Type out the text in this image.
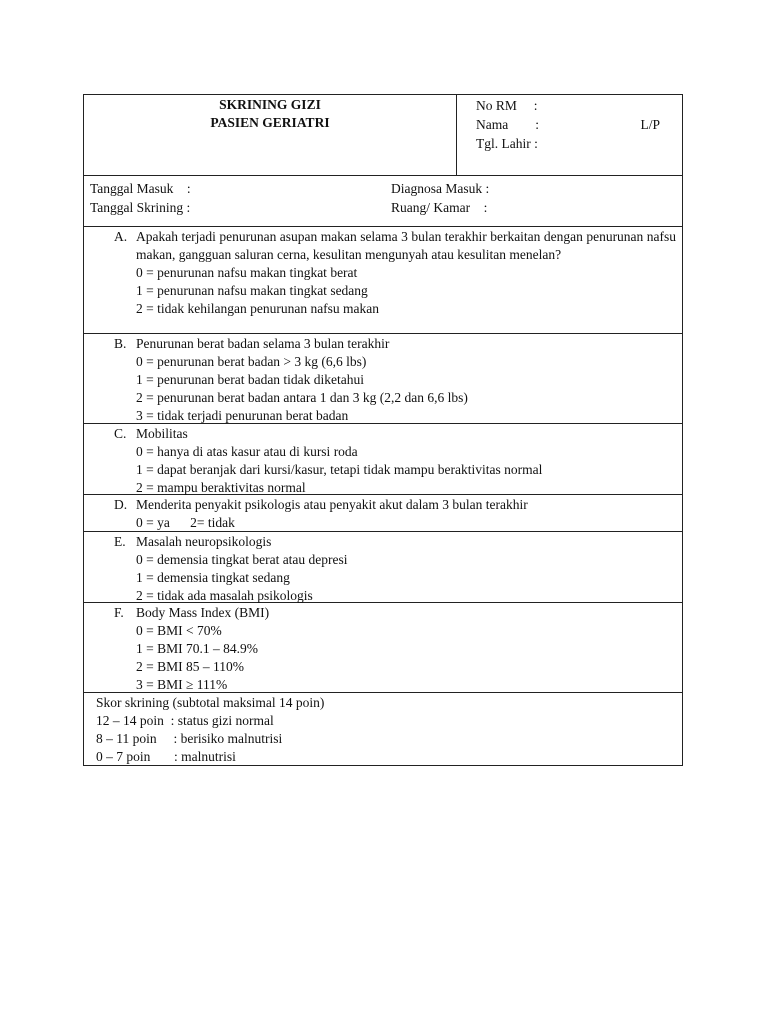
SKRINING GIZI
PASIEN GERIATRI
No RM     :
Nama        :	L/P
Tgl. Lahir :
Tanggal Masuk    :	Diagnosa Masuk :
Tanggal Skrining :	Ruang/ Kamar    :
A. Apakah terjadi penurunan asupan makan selama 3 bulan terakhir berkaitan dengan penurunan nafsu makan, gangguan saluran cerna, kesulitan mengunyah atau kesulitan menelan?
0 = penurunan nafsu makan tingkat berat
1 = penurunan nafsu makan tingkat sedang
2 = tidak kehilangan penurunan nafsu makan
B. Penurunan berat badan selama 3 bulan terakhir
0 = penurunan berat badan > 3 kg (6,6 lbs)
1 = penurunan berat badan tidak diketahui
2 = penurunan berat badan antara 1 dan 3 kg (2,2 dan 6,6 lbs)
3 = tidak terjadi penurunan berat badan
C. Mobilitas
0 = hanya di atas kasur atau di kursi roda
1 = dapat beranjak dari kursi/kasur, tetapi tidak mampu beraktivitas normal
2 = mampu beraktivitas normal
D. Menderita penyakit psikologis atau penyakit akut dalam 3 bulan terakhir
0 = ya      2= tidak
E. Masalah neuropsikologis
0 = demensia tingkat berat atau depresi
1 = demensia tingkat sedang
2 = tidak ada masalah psikologis
F. Body Mass Index (BMI)
0 = BMI < 70%
1 = BMI 70.1 – 84.9%
2 = BMI 85 – 110%
3 = BMI ≥ 111%
Skor skrining (subtotal maksimal 14 poin)
12 – 14 poin  : status gizi normal
8 – 11 poin     : berisiko malnutrisi
0 – 7 poin       : malnutrisi
